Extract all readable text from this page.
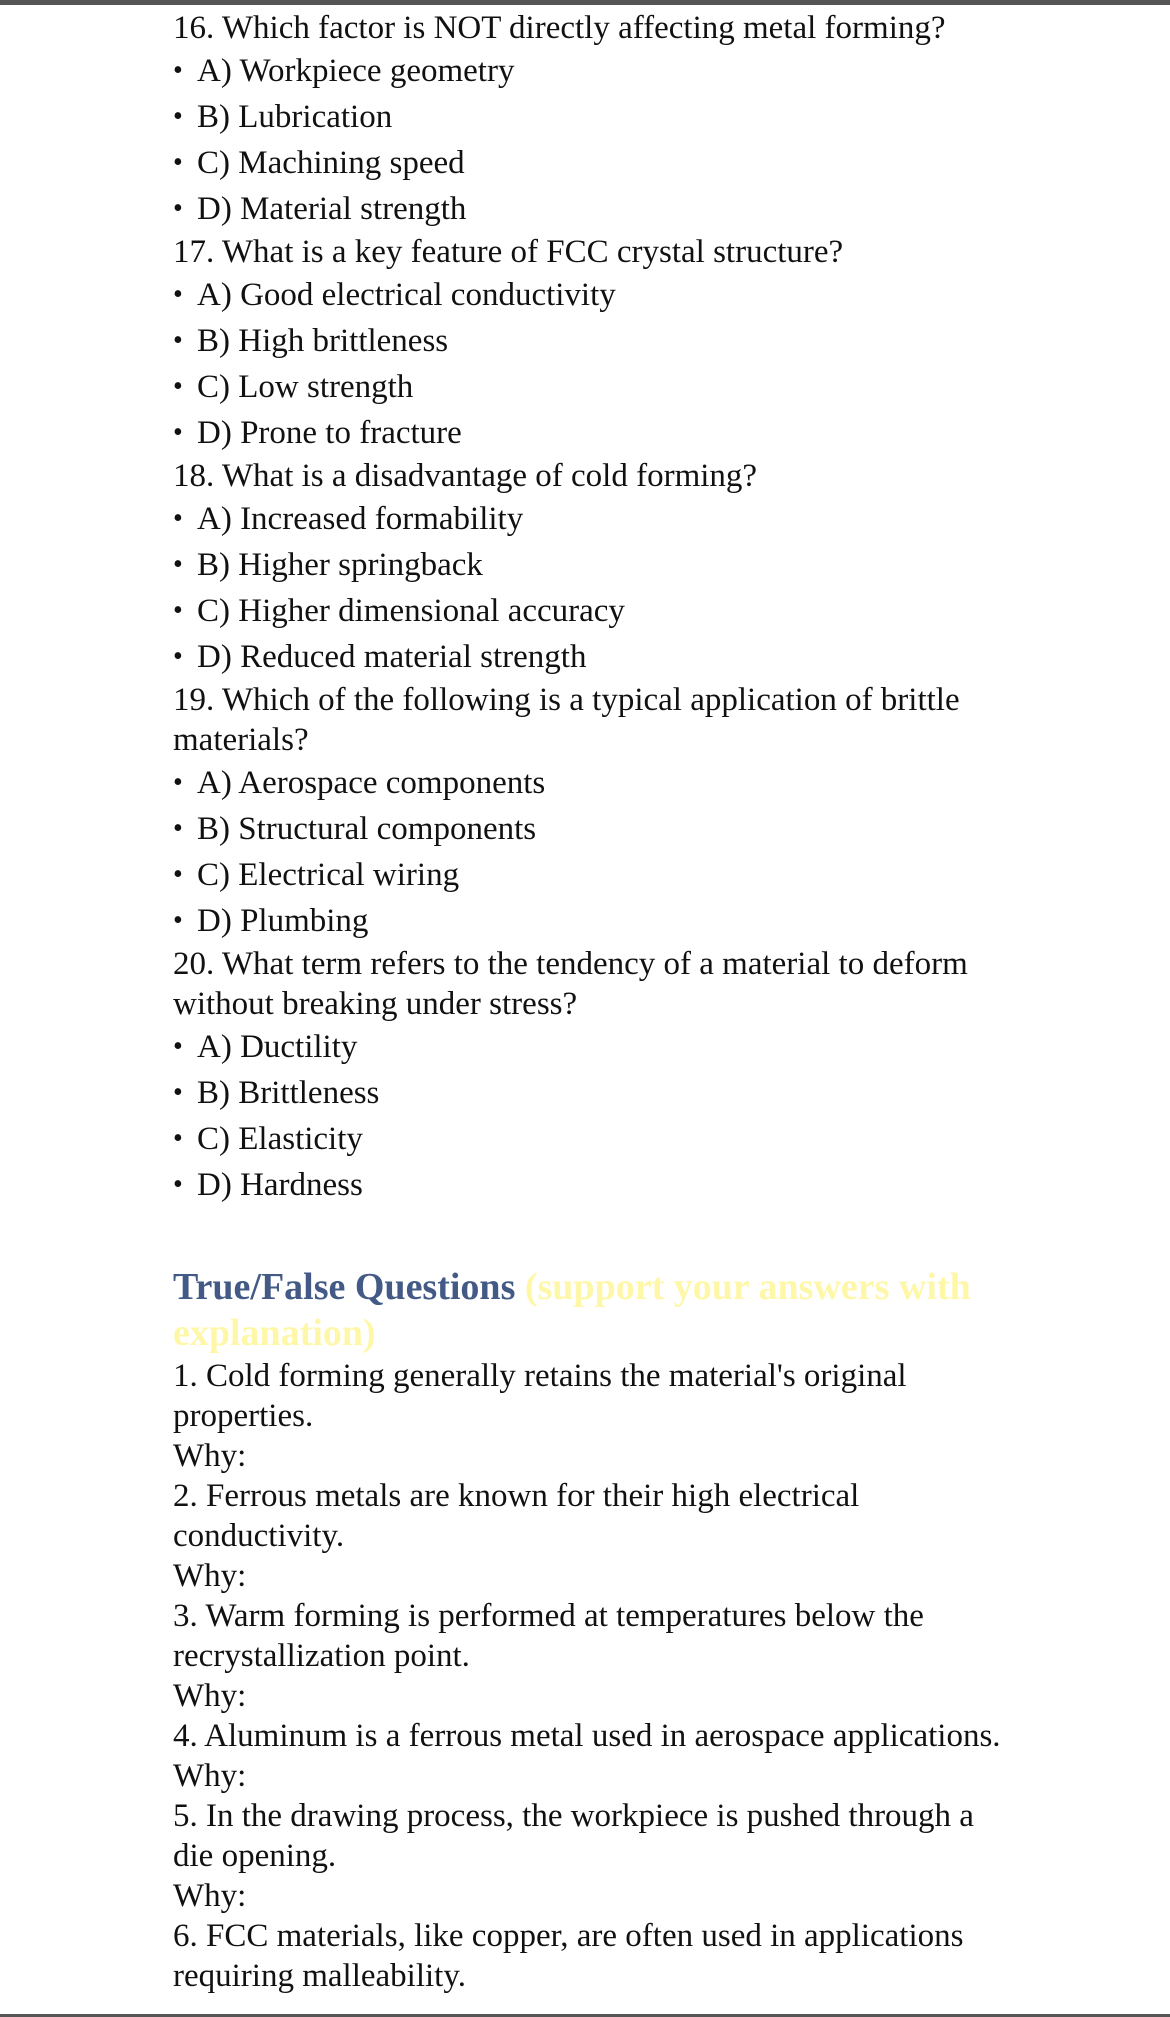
16. Which factor is NOT directly affecting metal forming?

• A) Workpiece geometry
• B) Lubrication
• C) Machining speed
• D) Material strength

17. What is a key feature of FCC crystal structure?

• A) Good electrical conductivity
• B) High brittleness
• C) Low strength
• D) Prone to fracture

18. What is a disadvantage of cold forming?

• A) Increased formability
• B) Higher springback
• C) Higher dimensional accuracy
• D) Reduced material strength

19. Which of the following is a typical application of brittle materials?

• A) Aerospace components
• B) Structural components
• C) Electrical wiring
• D) Plumbing

20. What term refers to the tendency of a material to deform without breaking under stress?

• A) Ductility
• B) Brittleness
• C) Elasticity
• D) Hardness
True/False Questions (support your answers with explanation)

1. Cold forming generally retains the material's original properties.

Why:

2. Ferrous metals are known for their high electrical conductivity.

Why:

3. Warm forming is performed at temperatures below the recrystallization point.

Why:

4. Aluminum is a ferrous metal used in aerospace applications.

Why:

5. In the drawing process, the workpiece is pushed through a die opening.

Why:

6. FCC materials, like copper, are often used in applications requiring malleability.
